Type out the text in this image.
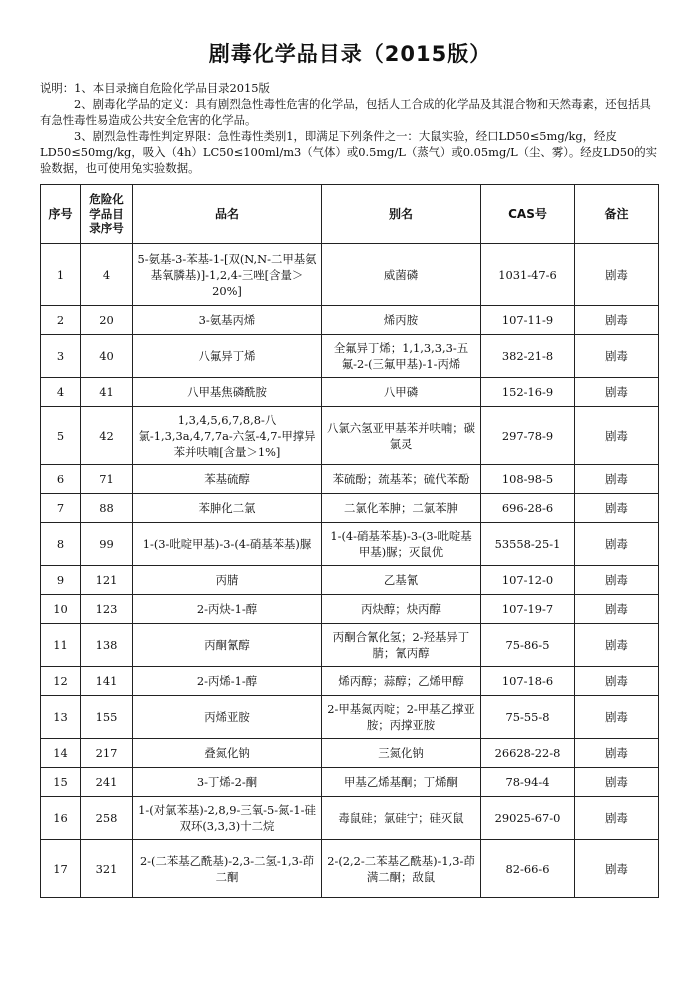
剧毒化学品目录（2015版）

说明：1、本目录摘自危险化学品目录2015版

2、剧毒化学品的定义：具有剧烈急性毒性危害的化学品，包括人工合成的化学品及其混合物和天然毒素，还包括具有急性毒性易造成公共安全危害的化学品。

3、剧烈急性毒性判定界限：急性毒性类别1，即满足下列条件之一：大鼠实验，经口LD50≤5mg/kg，经皮LD50≤50mg/kg，吸入（4h）LC50≤100ml/m3（气体）或0.5mg/L（蒸气）或0.05mg/L（尘、雾）。经皮LD50的实验数据，也可使用兔实验数据。

序号	危险化学品目录序号	品名	别名	CAS号	备注
1	4	5-氨基-3-苯基-1-[双(N,N-二甲基氨基氧膦基)]-1,2,4-三唑[含量＞20%]	威菌磷	1031-47-6	剧毒
2	20	3-氨基丙烯	烯丙胺	107-11-9	剧毒
3	40	八氟异丁烯	全氟异丁烯；1,1,3,3,3-五氟-2-(三氟甲基)-1-丙烯	382-21-8	剧毒
4	41	八甲基焦磷酰胺	八甲磷	152-16-9	剧毒
5	42	1,3,4,5,6,7,8,8-八氯-1,3,3a,4,7,7a-六氢-4,7-甲撑异苯并呋喃[含量＞1%]	八氯六氢亚甲基苯并呋喃；碳氯灵	297-78-9	剧毒
6	71	苯基硫醇	苯硫酚；巯基苯；硫代苯酚	108-98-5	剧毒
7	88	苯胂化二氯	二氯化苯胂；二氯苯胂	696-28-6	剧毒
8	99	1-(3-吡啶甲基)-3-(4-硝基苯基)脲	1-(4-硝基苯基)-3-(3-吡啶基甲基)脲；灭鼠优	53558-25-1	剧毒
9	121	丙腈	乙基氰	107-12-0	剧毒
10	123	2-丙炔-1-醇	丙炔醇；炔丙醇	107-19-7	剧毒
11	138	丙酮氰醇	丙酮合氰化氢；2-羟基异丁腈；氰丙醇	75-86-5	剧毒
12	141	2-丙烯-1-醇	烯丙醇；蒜醇；乙烯甲醇	107-18-6	剧毒
13	155	丙烯亚胺	2-甲基氮丙啶；2-甲基乙撑亚胺；丙撑亚胺	75-55-8	剧毒
14	217	叠氮化钠	三氮化钠	26628-22-8	剧毒
15	241	3-丁烯-2-酮	甲基乙烯基酮；丁烯酮	78-94-4	剧毒
16	258	1-(对氯苯基)-2,8,9-三氧-5-氮-1-硅双环(3,3,3)十二烷	毒鼠硅；氯硅宁；硅灭鼠	29025-67-0	剧毒
17	321	2-(二苯基乙酰基)-2,3-二氢-1,3-茚二酮	2-(2,2-二苯基乙酰基)-1,3-茚满二酮；敌鼠	82-66-6	剧毒
